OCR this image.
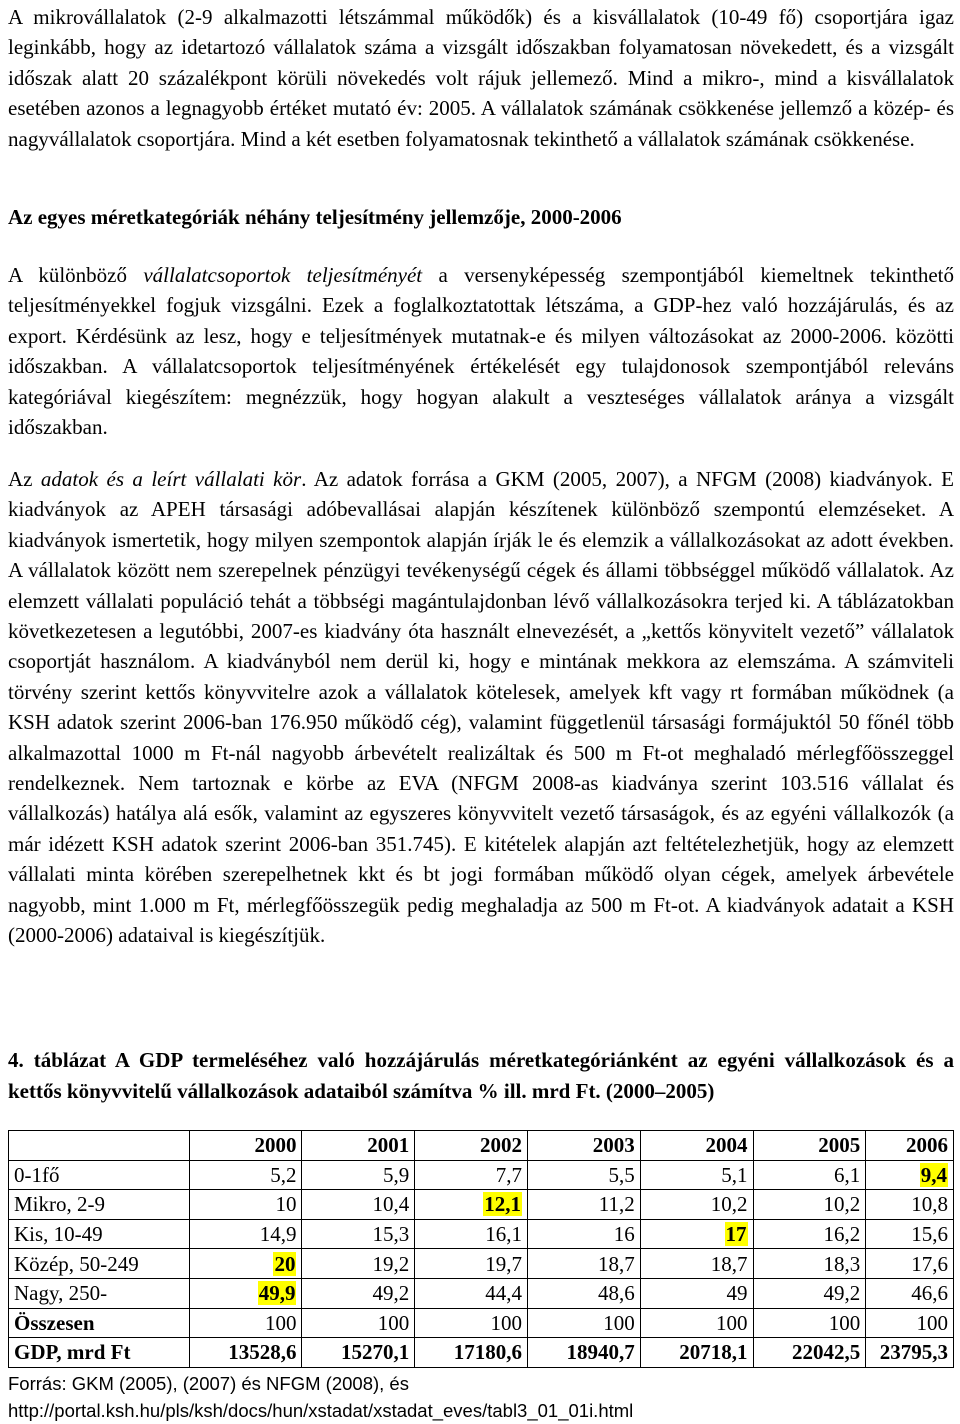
A mikrovállalatok (2-9 alkalmazotti létszámmal működők) és a kisvállalatok (10-49 fő) csoportjára igaz leginkább, hogy az idetartozó vállalatok száma a vizsgált időszakban folyamatosan növekedett, és a vizsgált időszak alatt 20 százalékpont körüli növekedés volt rájuk jellemező. Mind a mikro-, mind a kisvállalatok esetében azonos a legnagyobb értéket mutató év: 2005. A vállalatok számának csökkenése jellemző a közép- és nagyvállalatok csoportjára. Mind a két esetben folyamatosnak tekinthető a vállalatok számának csökkenése.

Az egyes méretkategóriák néhány teljesítmény jellemzője, 2000-2006

A különböző vállalatcsoportok teljesítményét a versenyképesség szempontjából kiemeltnek tekinthető teljesítményekkel fogjuk vizsgálni. Ezek a foglalkoztatottak létszáma, a GDP-hez való hozzájárulás, és az export. Kérdésünk az lesz, hogy e teljesítmények mutatnak-e és milyen változásokat az 2000-2006. közötti időszakban. A vállalatcsoportok teljesítményének értékelését egy tulajdonosok szempontjából releváns kategóriával kiegészítem: megnézzük, hogy hogyan alakult a veszteséges vállalatok aránya a vizsgált időszakban.

Az adatok és a leírt vállalati kör. Az adatok forrása a GKM (2005, 2007), a NFGM (2008) kiadványok. E kiadványok az APEH társasági adóbevallásai alapján készítenek különböző szempontú elemzéseket. A kiadványok ismertetik, hogy milyen szempontok alapján írják le és elemzik a vállalkozásokat az adott években. A vállalatok között nem szerepelnek pénzügyi tevékenységű cégek és állami többséggel működő vállalatok. Az elemzett vállalati populáció tehát a többségi magántulajdonban lévő vállalkozásokra terjed ki. A táblázatokban következetesen a legutóbbi, 2007-es kiadvány óta használt elnevezését, a „kettős könyvitelt vezető” vállalatok csoportját használom. A kiadványból nem derül ki, hogy e mintának mekkora az elemszáma. A számviteli törvény szerint kettős könyvvitelre azok a vállalatok kötelesek, amelyek kft vagy rt formában működnek (a KSH adatok szerint 2006-ban 176.950 működő cég), valamint függetlenül társasági formájuktól 50 főnél több alkalmazottal 1000 m Ft-nál nagyobb árbevételt realizáltak és 500 m Ft-ot meghaladó mérlegfőösszeggel rendelkeznek. Nem tartoznak e körbe az EVA (NFGM 2008-as kiadványa szerint 103.516 vállalat és vállalkozás) hatálya alá esők, valamint az egyszeres könyvvitelt vezető társaságok, és az egyéni vállalkozók (a már idézett KSH adatok szerint 2006-ban 351.745). E kitételek alapján azt feltételezhetjük, hogy az elemzett vállalati minta körében szerepelhetnek kkt és bt jogi formában működő olyan cégek, amelyek árbevétele nagyobb, mint 1.000 m Ft, mérlegfőösszegük pedig meghaladja az 500 m Ft-ot. A kiadványok adatait a KSH (2000-2006) adataival is kiegészítjük.

4. táblázat A GDP termeléséhez való hozzájárulás méretkategóriánként az egyéni vállalkozások és a kettős könyvvitelű vállalkozások adataiból számítva % ill. mrd Ft. (2000–2005)
	2000	2001	2002	2003	2004	2005	2006
0-1fő	5,2	5,9	7,7	5,5	5,1	6,1	9,4
Mikro, 2-9	10	10,4	12,1	11,2	10,2	10,2	10,8
Kis, 10-49	14,9	15,3	16,1	16	17	16,2	15,6
Közép, 50-249	20	19,2	19,7	18,7	18,7	18,3	17,6
Nagy, 250-	49,9	49,2	44,4	48,6	49	49,2	46,6
Összesen	100	100	100	100	100	100	100
GDP, mrd Ft	13528,6	15270,1	17180,6	18940,7	20718,1	22042,5	23795,3
Forrás: GKM (2005), (2007) és NFGM (2008), és
http://portal.ksh.hu/pls/ksh/docs/hun/xstadat/xstadat_eves/tabl3_01_01i.html
